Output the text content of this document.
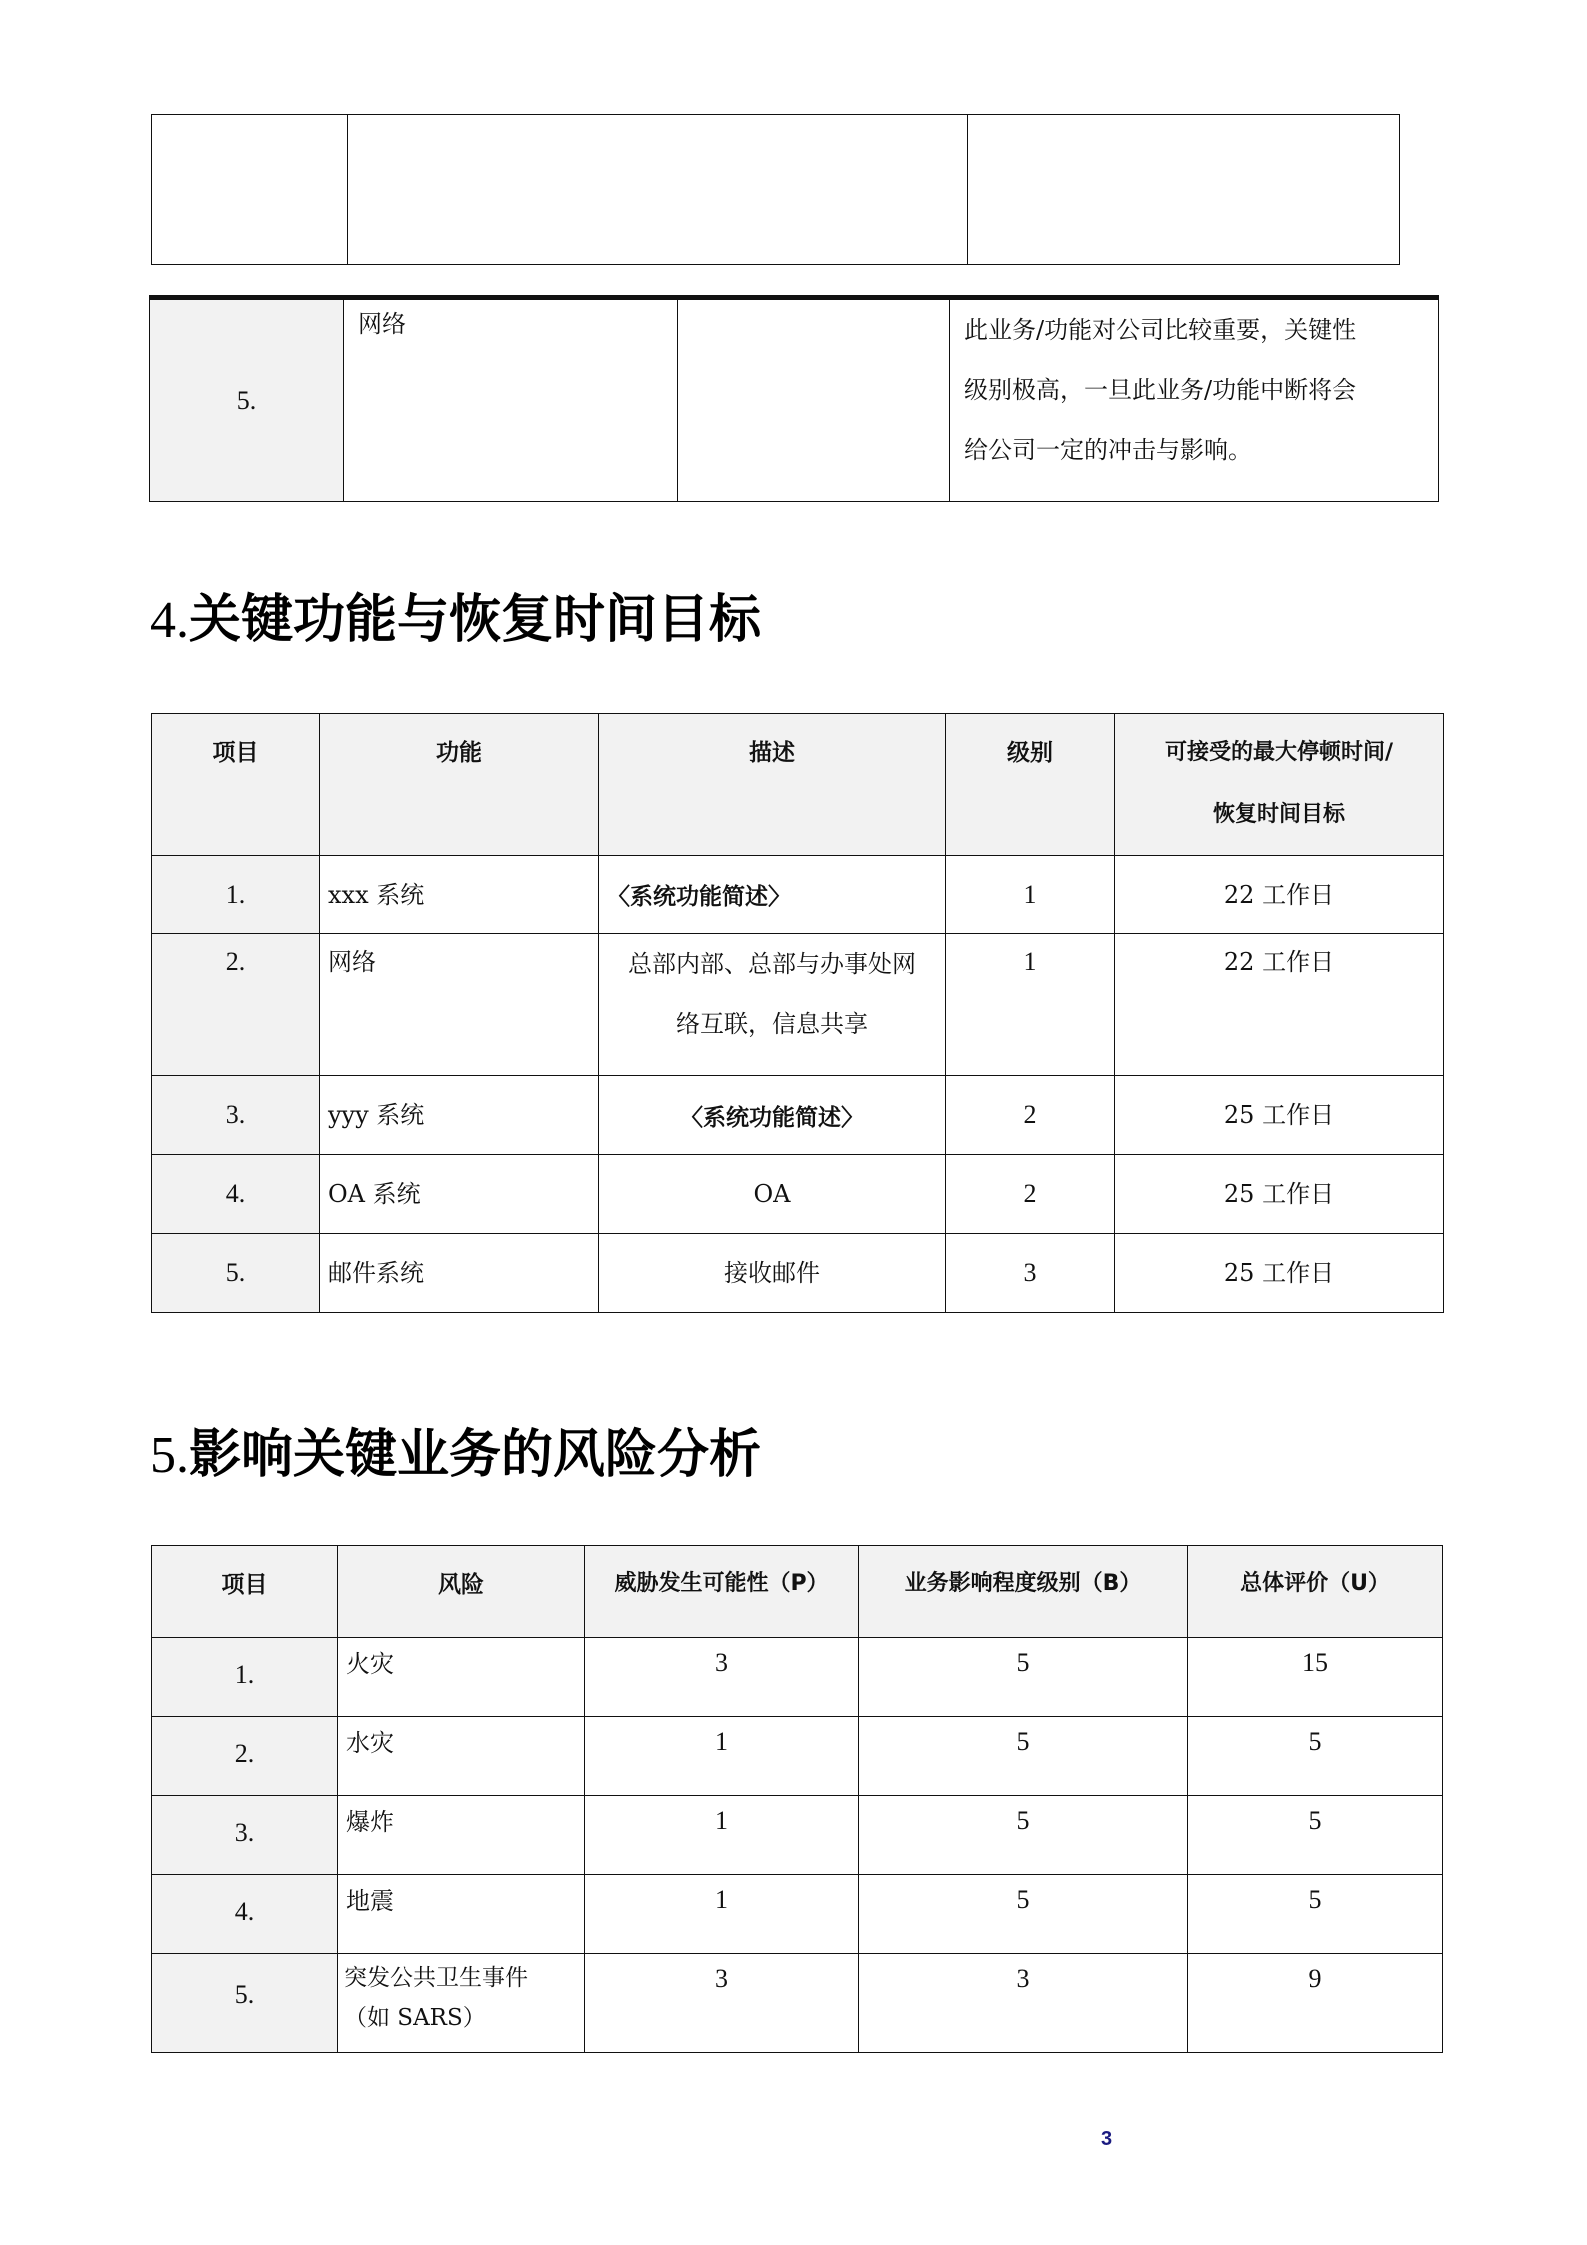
5.	网络		此业务/功能对公司比较重要，关键性
级别极高，一旦此业务/功能中断将会
给公司一定的冲击与影响。
4.关键功能与恢复时间目标
项目	功能	描述	级别	可接受的最大停顿时间/
恢复时间目标

1.	xxx 系统	〈系统功能简述〉	1	22 工作日
2.	网络	总部内部、总部与办事处网
络互联，信息共享	1	22 工作日
3.	yyy 系统	〈系统功能简述〉	2	25 工作日
4.	OA 系统	OA	2	25 工作日
5.	邮件系统	接收邮件	3	25 工作日
5.影响关键业务的风险分析
项目	风险	威胁发生可能性（P）	业务影响程度级别（B）	总体评价（U）
1.	火灾	3	5	15
2.	水灾	1	5	5
3.	爆炸	1	5	5
4.	地震	1	5	5
5.	突发公共卫生事件
（如 SARS）	3	3	9
3
